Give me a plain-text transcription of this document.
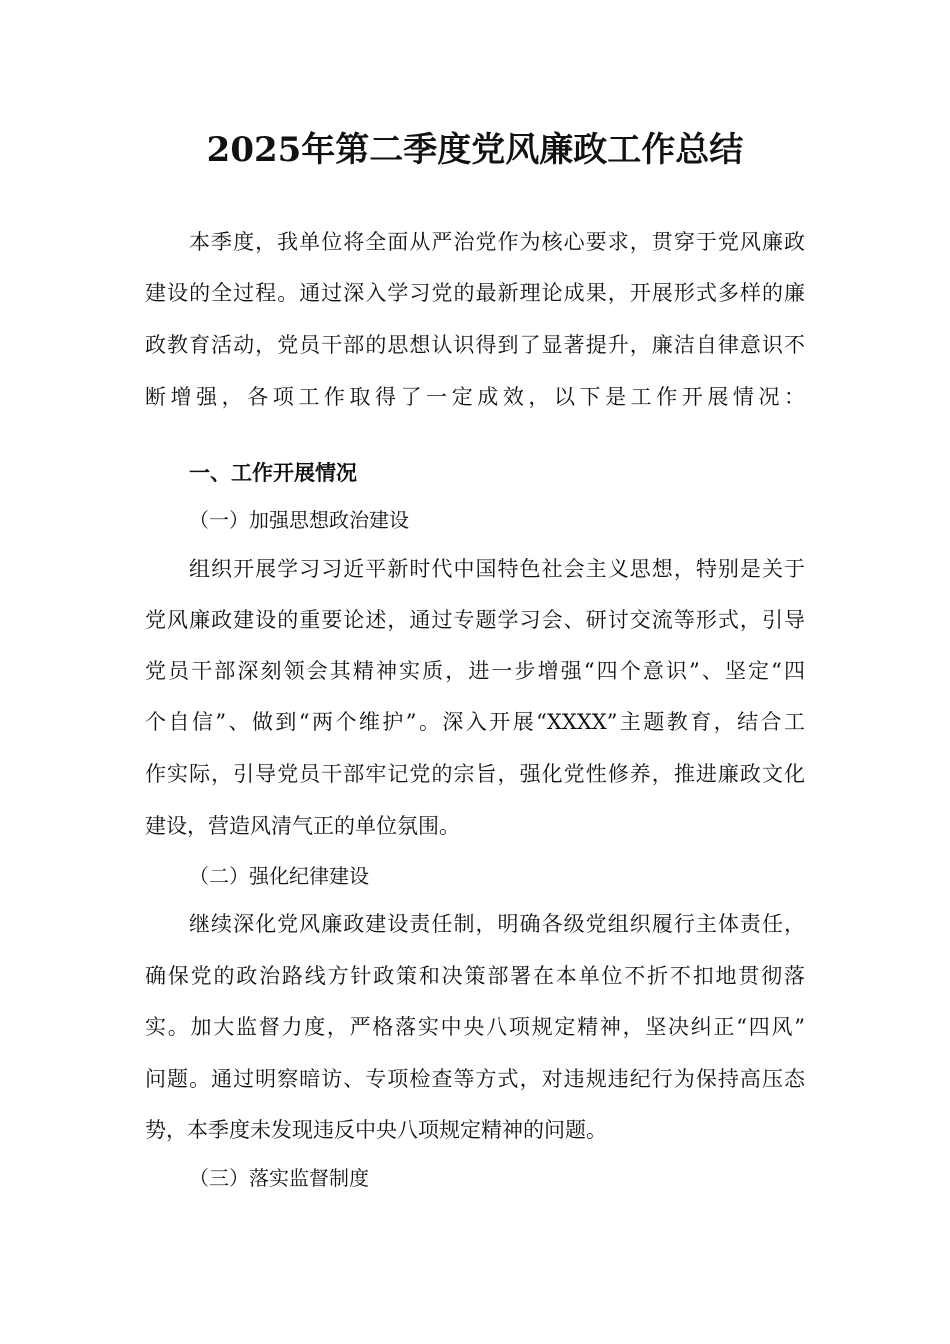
2025年第二季度党风廉政工作总结
本季度，我单位将全面从严治党作为核心要求，贯穿于党风廉政
建设的全过程。通过深入学习党的最新理论成果，开展形式多样的廉
政教育活动，党员干部的思想认识得到了显著提升，廉洁自律意识不
断增强，各项工作取得了一定成效，以下是工作开展情况：
一、工作开展情况
（一）加强思想政治建设
组织开展学习习近平新时代中国特色社会主义思想，特别是关于
党风廉政建设的重要论述，通过专题学习会、研讨交流等形式，引导
党员干部深刻领会其精神实质，进一步增强“四个意识”、坚定“四
个自信”、做到“两个维护”。深入开展“XXXX”主题教育，结合工
作实际，引导党员干部牢记党的宗旨，强化党性修养，推进廉政文化
建设，营造风清气正的单位氛围。
（二）强化纪律建设
继续深化党风廉政建设责任制，明确各级党组织履行主体责任，
确保党的政治路线方针政策和决策部署在本单位不折不扣地贯彻落
实。加大监督力度，严格落实中央八项规定精神，坚决纠正“四风”
问题。通过明察暗访、专项检查等方式，对违规违纪行为保持高压态
势，本季度未发现违反中央八项规定精神的问题。
（三）落实监督制度
